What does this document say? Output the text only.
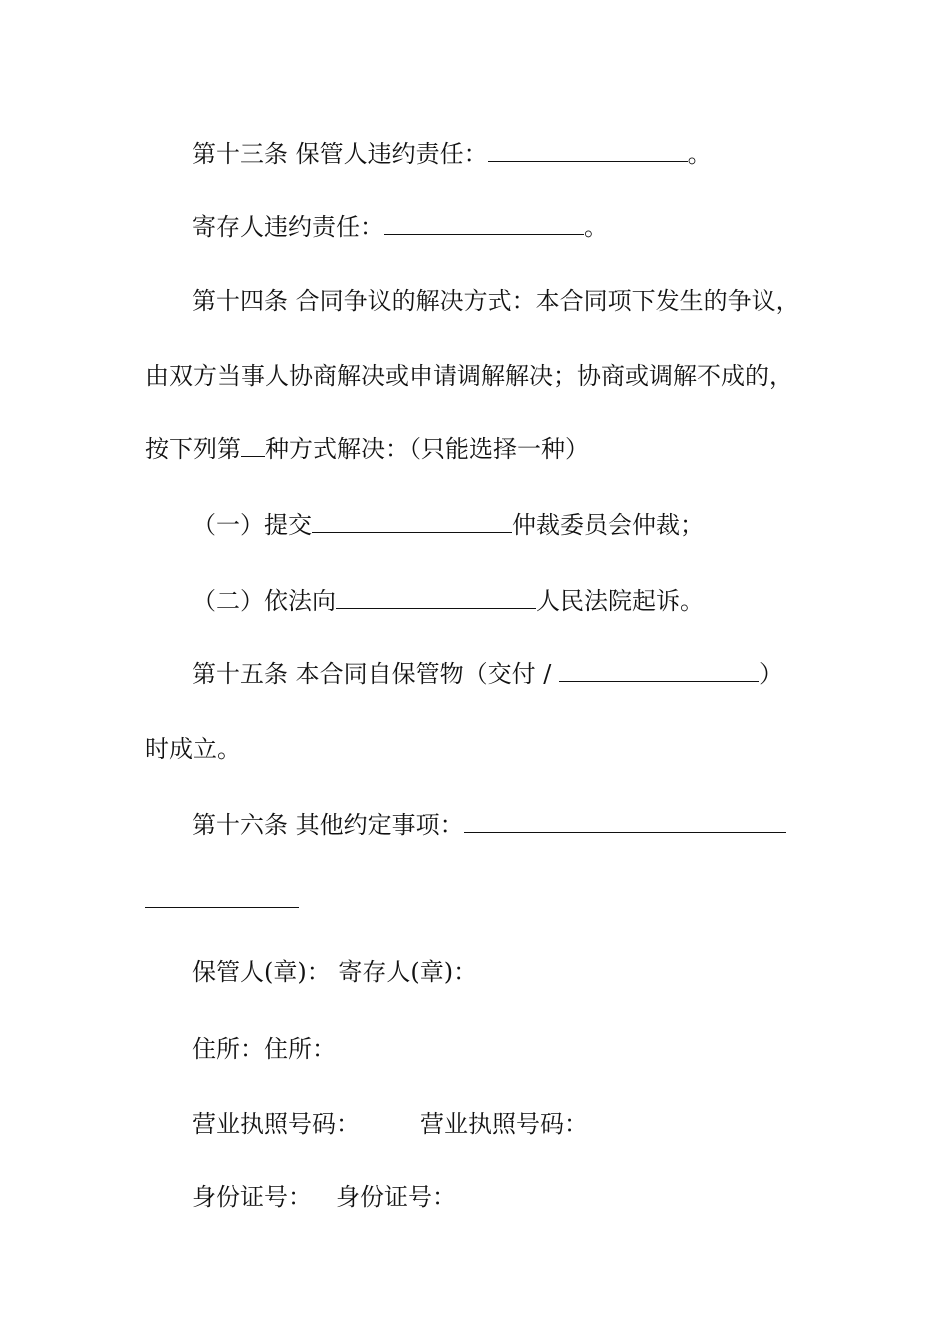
第十三条 保管人违约责任：	。
寄存人违约责任：	。
第十四条 合同争议的解决方式：本合同项下发生的争议，
由双方当事人协商解决或申请调解解决；协商或调解不成的，
按下列第 种方式解决：（只能选择一种）
（一）提交	仲裁委员会仲裁；
（二）依法向	人民法院起诉。
第十五条 本合同自保管物（交付 /	）
时成立。
第十六条 其他约定事项：
保管人(章)： 寄存人(章)：
住所：住所：
营业执照号码：	营业执照号码：
身份证号： 身份证号：
